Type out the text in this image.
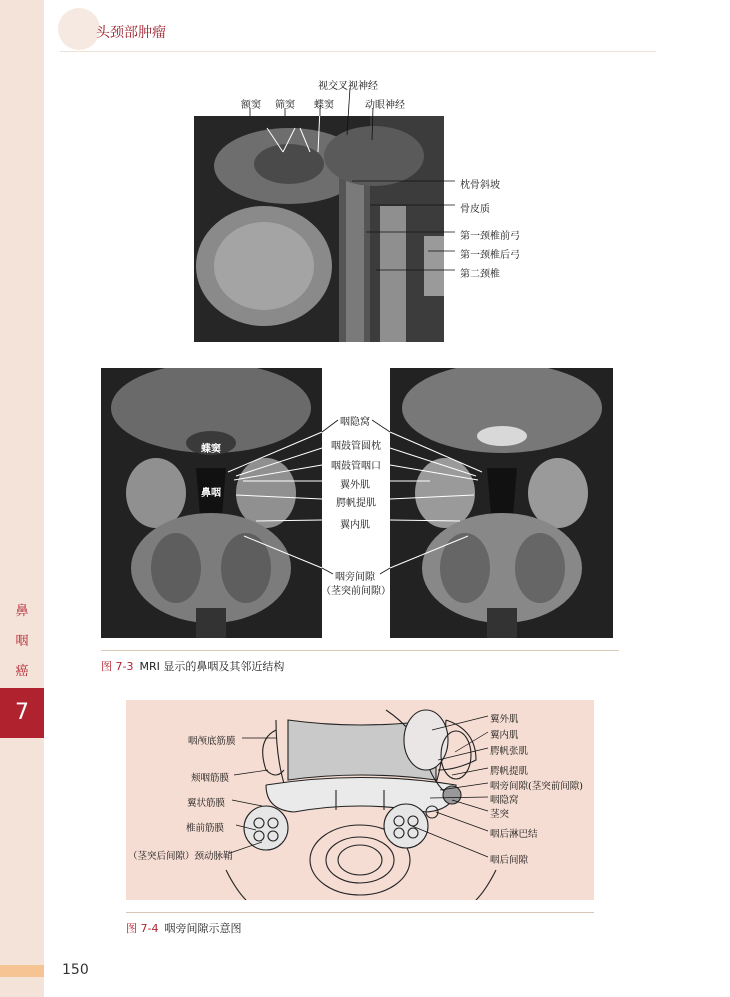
鼻
咽
癌
7
150
头颈部肿瘤
蝶窦
鼻咽
视交叉视神经
额窦 筛窦 蝶窦	动眼神经
枕骨斜坡
骨皮质
第一颈椎前弓
第一颈椎后弓
第二颈椎
咽隐窝
咽鼓管圆枕
咽鼓管咽口
翼外肌
腭帆提肌
翼内肌
咽旁间隙
（茎突前间隙）
图 7-3 MRI 显示的鼻咽及其邻近结构
咽颅底筋膜
颊咽筋膜
翼状筋膜
椎前筋膜
（茎突后间隙）颈动脉鞘
翼外肌
翼内肌
腭帆张肌
腭帆提肌
咽旁间隙(茎突前间隙)
咽隐窝
茎突
咽后淋巴结
咽后间隙
图 7-4 咽旁间隙示意图
